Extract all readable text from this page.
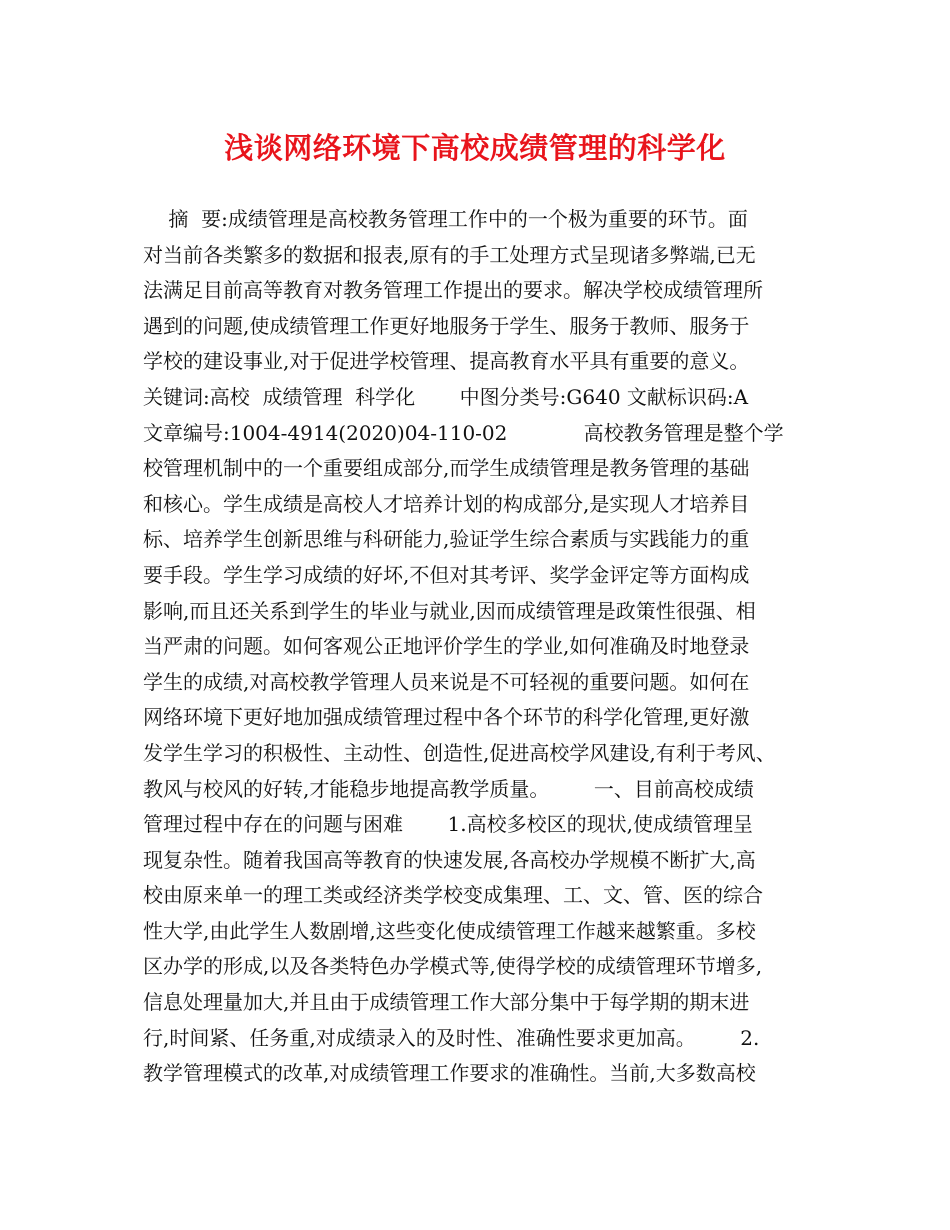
浅谈网络环境下高校成绩管理的科学化
摘  要:成绩管理是高校教务管理工作中的一个极为重要的环节。面
对当前各类繁多的数据和报表,原有的手工处理方式呈现诸多弊端,已无
法满足目前高等教育对教务管理工作提出的要求。解决学校成绩管理所
遇到的问题,使成绩管理工作更好地服务于学生、服务于教师、服务于
学校的建设事业,对于促进学校管理、提高教育水平具有重要的意义。
关键词:高校  成绩管理  科学化       中图分类号:G640 文献标识码:A
文章编号:1004-4914(2020)04-110-02            高校教务管理是整个学
校管理机制中的一个重要组成部分,而学生成绩管理是教务管理的基础
和核心。学生成绩是高校人才培养计划的构成部分,是实现人才培养目
标、培养学生创新思维与科研能力,验证学生综合素质与实践能力的重
要手段。学生学习成绩的好坏,不但对其考评、奖学金评定等方面构成
影响,而且还关系到学生的毕业与就业,因而成绩管理是政策性很强、相
当严肃的问题。如何客观公正地评价学生的学业,如何准确及时地登录
学生的成绩,对高校教学管理人员来说是不可轻视的重要问题。如何在
网络环境下更好地加强成绩管理过程中各个环节的科学化管理,更好激
发学生学习的积极性、主动性、创造性,促进高校学风建设,有利于考风、
教风与校风的好转,才能稳步地提高教学质量。       一、目前高校成绩
管理过程中存在的问题与困难       1.高校多校区的现状,使成绩管理呈
现复杂性。随着我国高等教育的快速发展,各高校办学规模不断扩大,高
校由原来单一的理工类或经济类学校变成集理、工、文、管、医的综合
性大学,由此学生人数剧增,这些变化使成绩管理工作越来越繁重。多校
区办学的形成,以及各类特色办学模式等,使得学校的成绩管理环节增多,
信息处理量加大,并且由于成绩管理工作大部分集中于每学期的期末进
行,时间紧、任务重,对成绩录入的及时性、准确性要求更加高。       2.
教学管理模式的改革,对成绩管理工作要求的准确性。当前,大多数高校
